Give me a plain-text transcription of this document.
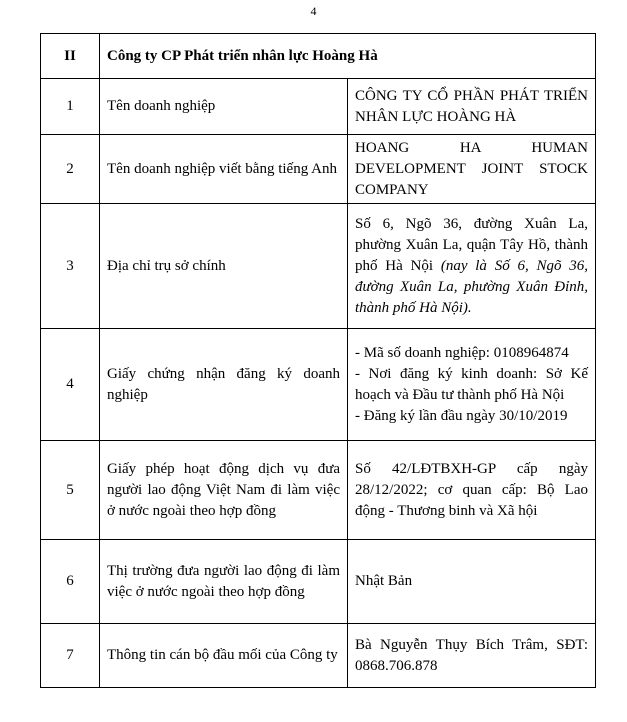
4
II	Công ty CP Phát triển nhân lực Hoàng Hà	
1	Tên doanh nghiệp	CÔNG TY CỔ PHẦN PHÁT TRIỂN
NHÂN LỰC HOÀNG HÀ

2	Tên doanh nghiệp viết bằng tiếng Anh	HOANG HA HUMAN
DEVELOPMENT JOINT STOCK
COMPANY

3	Địa chỉ trụ sở chính	Số 6, Ngõ 36, đường Xuân La, phường Xuân La, quận Tây Hồ, thành phố Hà Nội (nay là Số 6, Ngõ 36, đường Xuân La, phường Xuân Đỉnh, thành phố Hà Nội).
4	Giấy chứng nhận đăng ký doanh nghiệp	- Mã số doanh nghiệp: 0108964874
- Nơi đăng ký kinh doanh: Sở Kế hoạch và Đầu tư thành phố Hà Nội
- Đăng ký lần đầu ngày 30/10/2019

5	Giấy phép hoạt động dịch vụ đưa người lao động Việt Nam đi làm việc ở nước ngoài theo hợp đồng	Số 42/LĐTBXH-GP cấp ngày 28/12/2022; cơ quan cấp: Bộ Lao động - Thương binh và Xã hội
6	Thị trường đưa người lao động đi làm việc ở nước ngoài theo hợp đồng	Nhật Bản
7	Thông tin cán bộ đầu mối của Công ty	Bà Nguyễn Thụy Bích Trâm, SĐT: 0868.706.878
